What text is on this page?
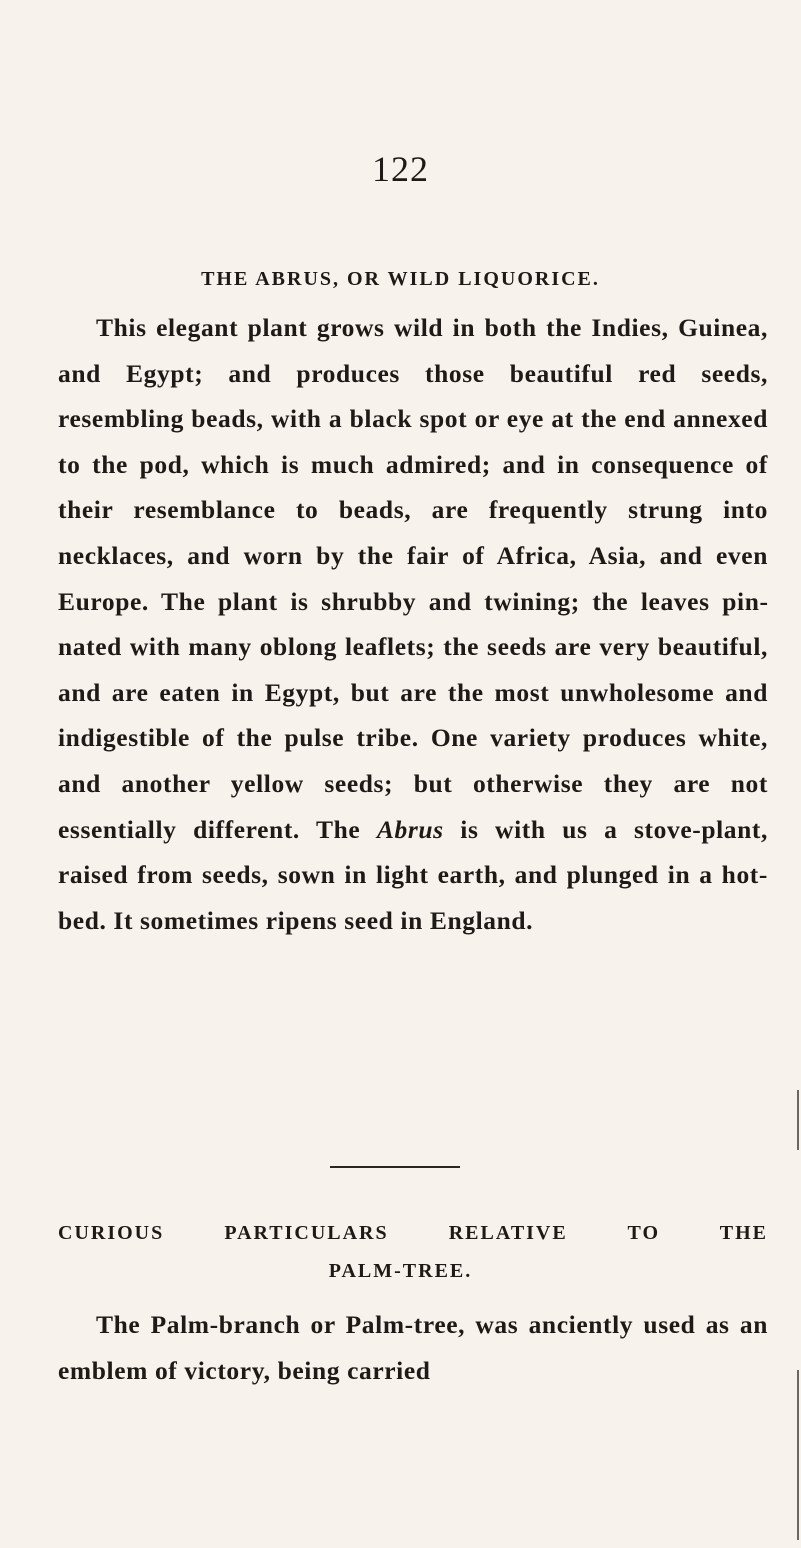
122
THE ABRUS, OR WILD LIQUORICE.

This elegant plant grows wild in both the Indies, Guinea, and Egypt; and produces those beautiful red seeds, resembling beads, with a black spot or eye at the end annexed to the pod, which is much admired; and in consequence of their resemblance to beads, are frequently strung into necklaces, and worn by the fair of Africa, Asia, and even Europe. The plant is shrubby and twining; the leaves pinnated with many oblong leaflets; the seeds are very beautiful, and are eaten in Egypt, but are the most unwholesome and indigestible of the pulse tribe. One variety produces white, and another yellow seeds; but otherwise they are not essentially different. The Abrus is with us a stove-plant, raised from seeds, sown in light earth, and plunged in a hot-bed. It sometimes ripens seed in England.

CURIOUS PARTICULARS RELATIVE TO THE
PALM-TREE.

The Palm-branch or Palm-tree, was anciently used as an emblem of victory, being carried
